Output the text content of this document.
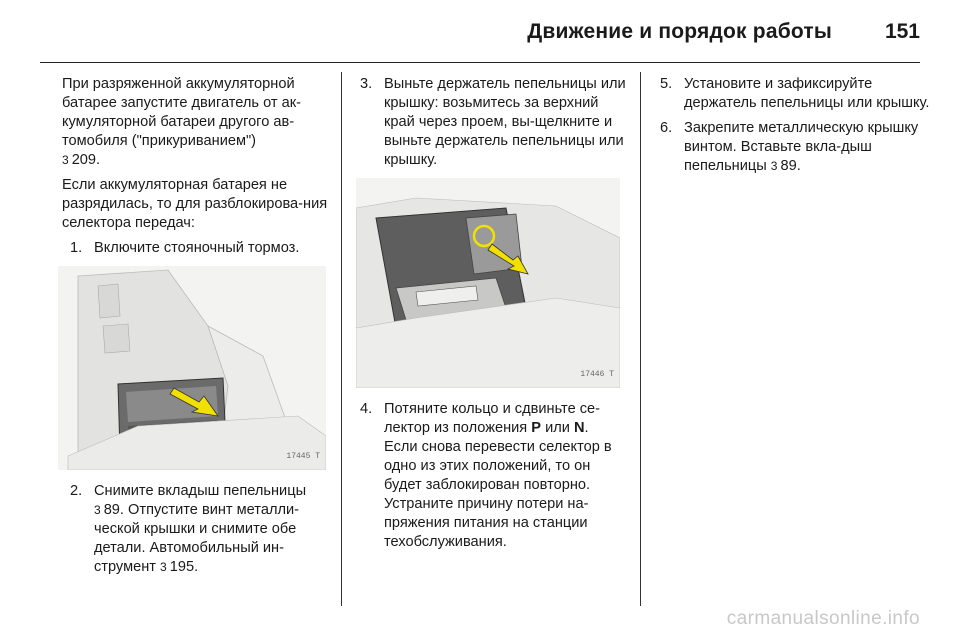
Движение и порядок работы	151

При разряженной аккумуляторной батарее запустите двигатель от ак-кумуляторной батареи другого ав-томобиля ("прикуриванием")
3 209.

Если аккумуляторная батарея не разрядилась, то для разблокирова-ния селектора передач:

1. Включите стояночный тормоз.
17445 T
2. Снимите вкладыш пепельницы
3 89. Отпустите винт металли-ческой крышки и снимите обе детали. Автомобильный ин-струмент 3 195.
3. Выньте держатель пепельницы или крышку: возьмитесь за верхний край через проем, вы-щелкните и выньте держатель пепельницы или крышку.
17446 T
4. Потяните кольцо и сдвиньте се-лектор из положения P или N. Если снова перевести селектор в одно из этих положений, то он будет заблокирован повторно. Устраните причину потери на-пряжения питания на станции техобслуживания.
5. Установите и зафиксируйте держатель пепельницы или крышку.
6. Закрепите металлическую крышку винтом. Вставьте вкла-дыш пепельницы 3 89.
carmanualsonline.info
